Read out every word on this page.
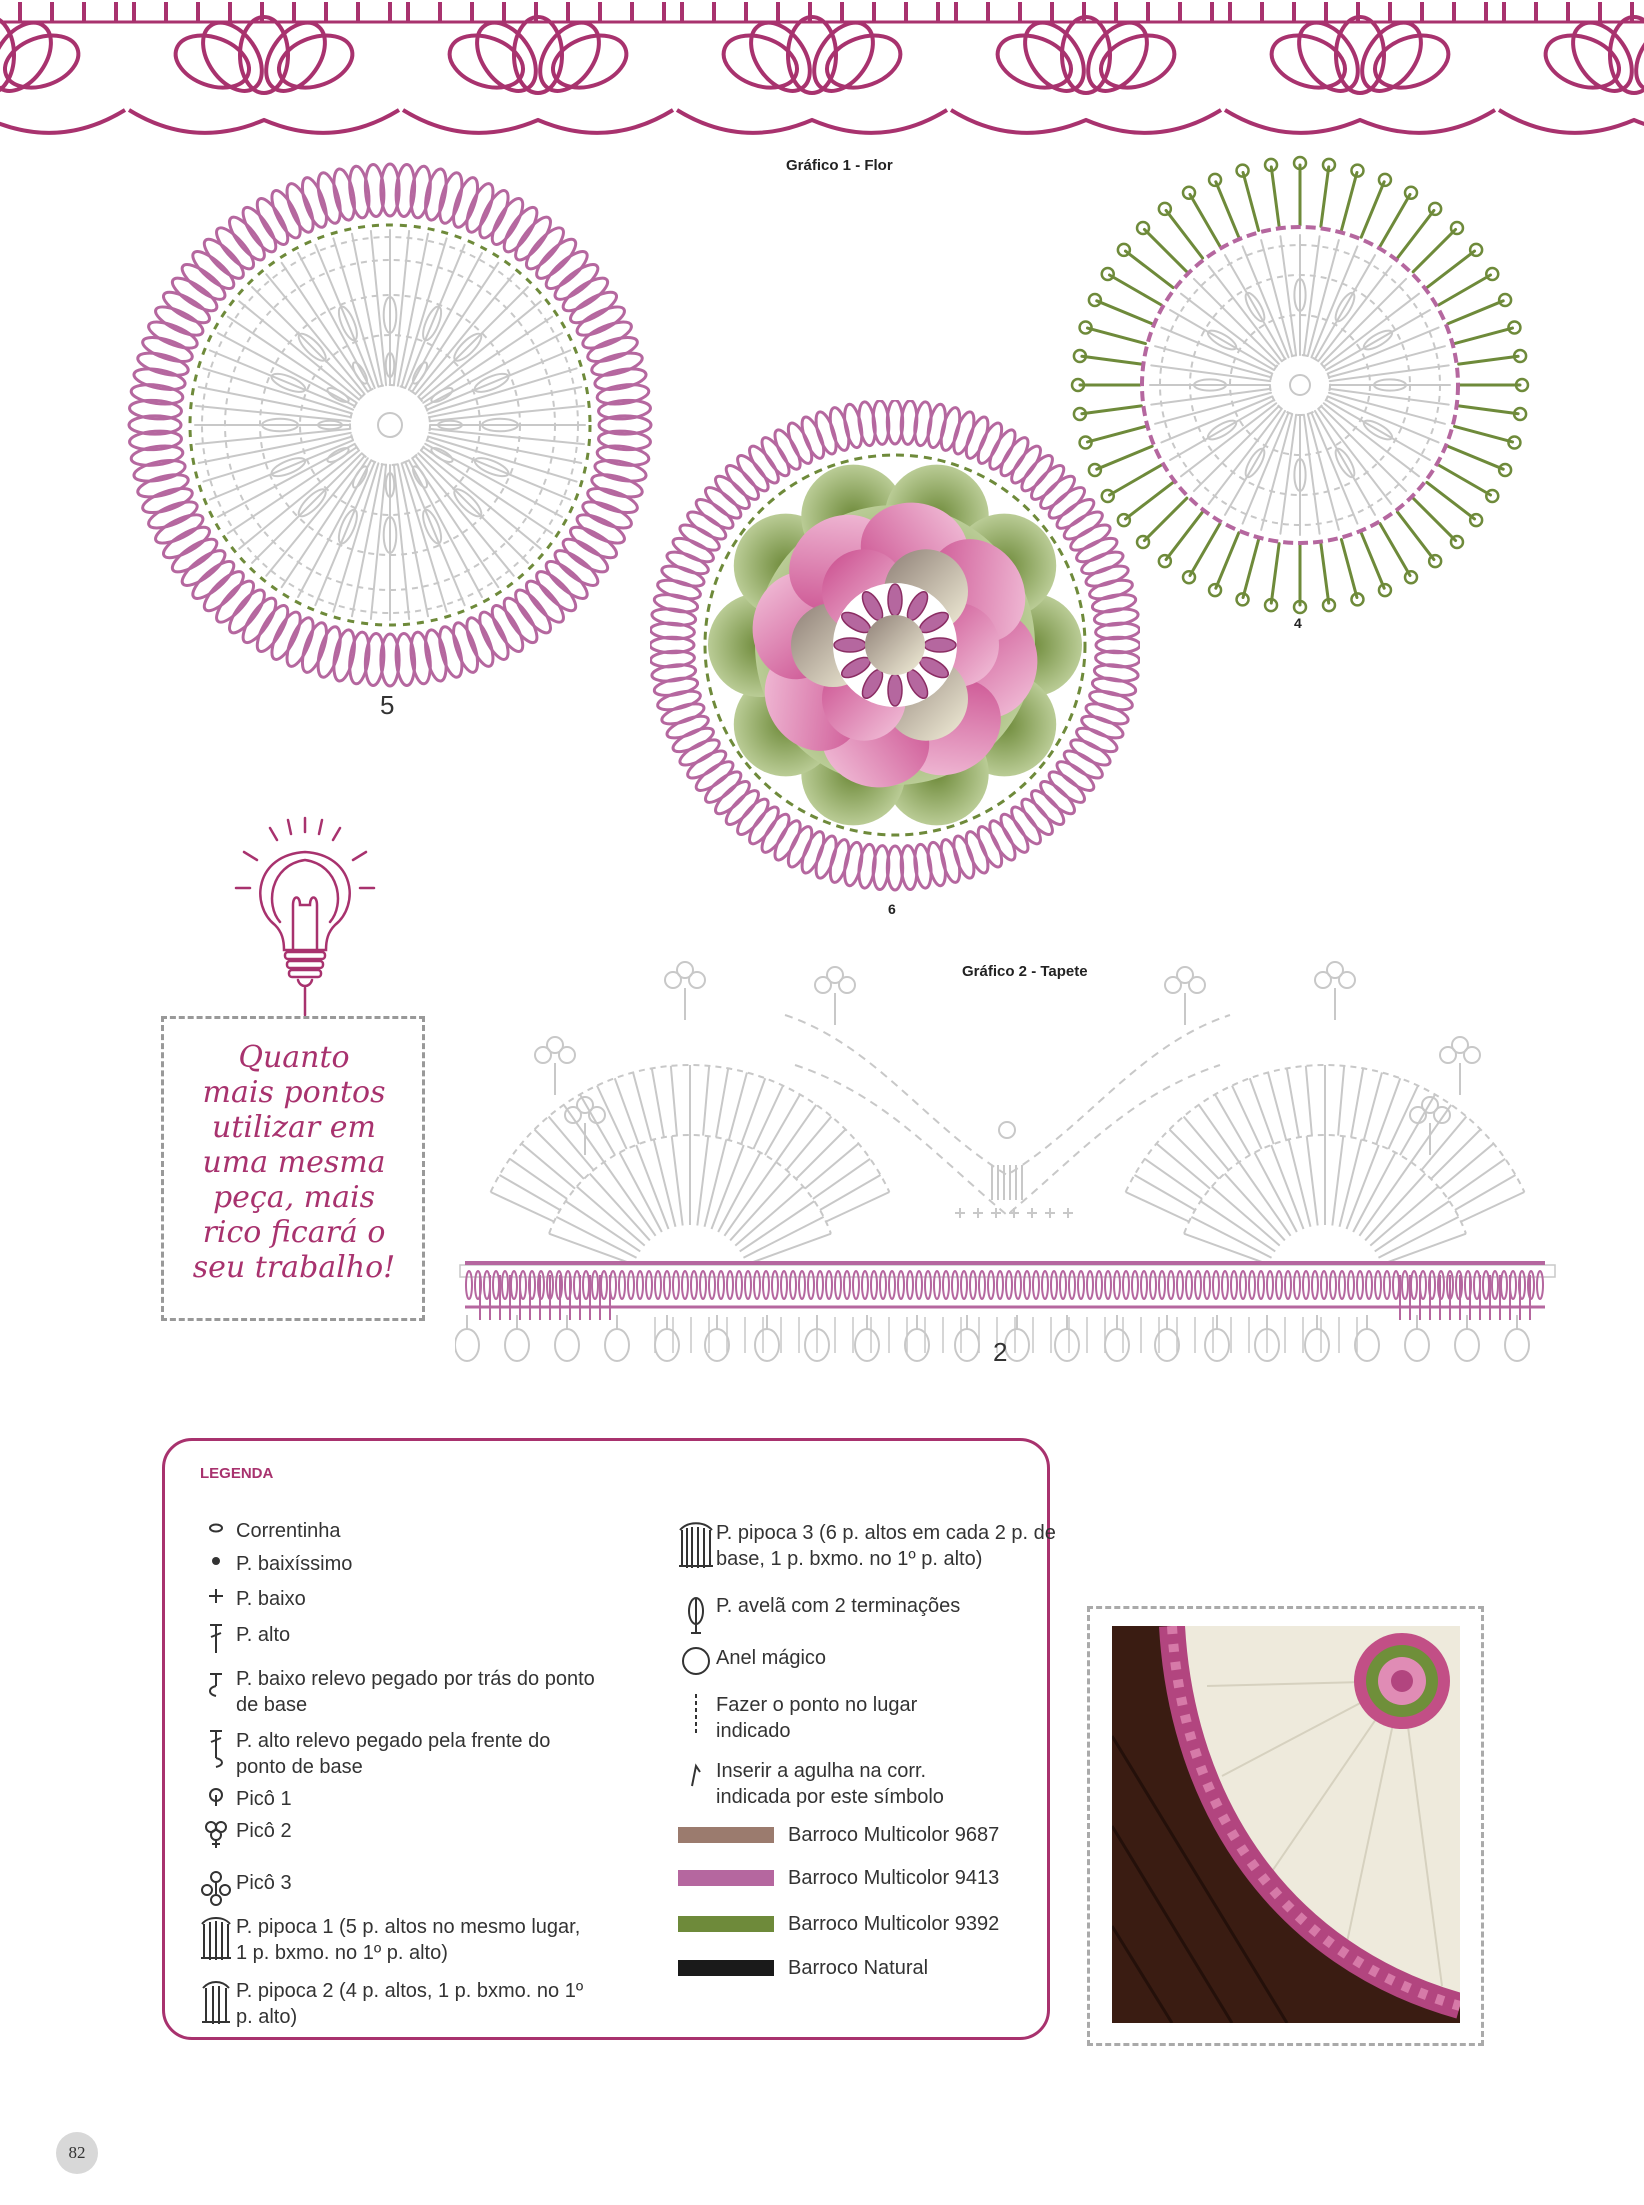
Gráfico 1 - Flor
5
4
6
Quanto
mais pontos
utilizar em
uma mesma
peça, mais
rico ficará o
seu trabalho!
Gráfico 2 - Tapete
2
LEGENDA
Correntinha
P. baixíssimo
P. baixo
P. alto
P. baixo relevo pegado por trás do ponto de base
P. alto relevo pegado pela frente do ponto de base
Picô 1
Picô 2
Picô 3
P. pipoca 1 (5 p. altos no mesmo lugar, 1 p. bxmo. no 1º p. alto)
P. pipoca 2 (4 p. altos, 1 p. bxmo. no 1º p. alto)
P. pipoca 3 (6 p. altos em cada 2 p. de base, 1 p. bxmo. no 1º p. alto)
P. avelã com 2 terminações
Anel mágico
Fazer o ponto no lugar indicado
Inserir a agulha na corr. indicada por este símbolo
Barroco Multicolor 9687
Barroco Multicolor 9413
Barroco Multicolor 9392
Barroco Natural
82
